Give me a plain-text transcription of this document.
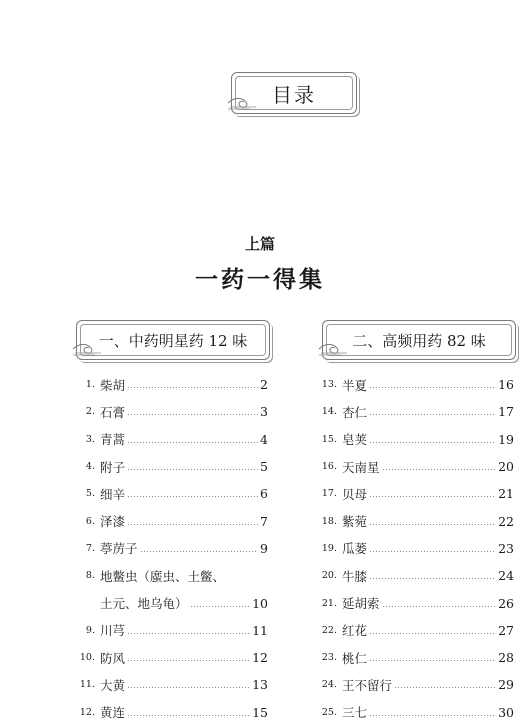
目录
上篇
一药一得集
一、中药明星药 12 味	二、高频用药 82 味
1. 柴胡	2
2. 石膏	3
3. 青蒿	4
4. 附子	5
5. 细辛	6
6. 泽漆	7
7. 葶苈子	9
8. 地鳖虫（䗪虫、土鳖、
土元、地乌龟）	10
9. 川芎	11
10. 防风	12
11. 大黄	13
12. 黄连	15
13. 半夏	16
14. 杏仁	17
15. 皂荚	19
16. 天南星	20
17. 贝母	21
18. 紫菀	22
19. 瓜蒌	23
20. 牛膝	24
21. 延胡索	26
22. 红花	27
23. 桃仁	28
24. 王不留行	29
25. 三七	30
